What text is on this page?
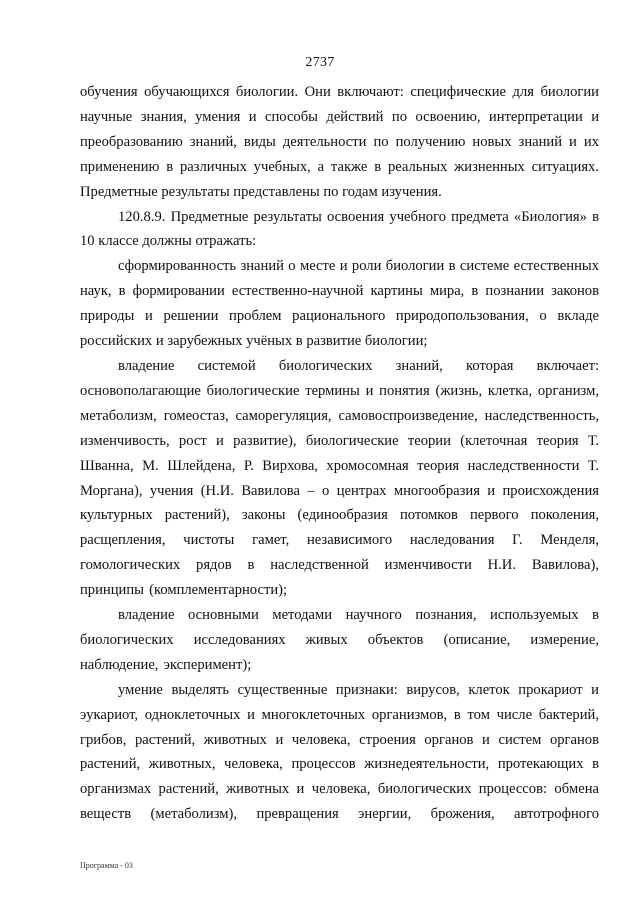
2737

обучения обучающихся биологии. Они включают: специфические для биологии научные знания, умения и способы действий по освоению, интерпретации и преобразованию знаний, виды деятельности по получению новых знаний и их применению в различных учебных, а также в реальных жизненных ситуациях. Предметные результаты представлены по годам изучения.

120.8.9. Предметные результаты освоения учебного предмета «Биология» в 10 классе должны отражать:

сформированность знаний о месте и роли биологии в системе естественных наук, в формировании естественно-научной картины мира, в познании законов природы и решении проблем рационального природопользования, о вкладе российских и зарубежных учёных в развитие биологии;

владение системой биологических знаний, которая включает: основополагающие биологические термины и понятия (жизнь, клетка, организм, метаболизм, гомеостаз, саморегуляция, самовоспроизведение, наследственность, изменчивость, рост и развитие), биологические теории (клеточная теория Т. Шванна, М. Шлейдена, Р. Вирхова, хромосомная теория наследственности Т. Моргана), учения (Н.И. Вавилова – о центрах многообразия и происхождения культурных растений), законы (единообразия потомков первого поколения, расщепления, чистоты гамет, независимого наследования Г. Менделя, гомологических рядов в наследственной изменчивости Н.И. Вавилова), принципы (комплементарности);

владение основными методами научного познания, используемых в биологических исследованиях живых объектов (описание, измерение, наблюдение, эксперимент);

умение выделять существенные признаки: вирусов, клеток прокариот и эукариот, одноклеточных и многоклеточных организмов, в том числе бактерий, грибов, растений, животных и человека, строения органов и систем органов растений, животных, человека, процессов жизнедеятельности, протекающих в организмах растений, животных и человека, биологических процессов: обмена веществ (метаболизм), превращения энергии, брожения, автотрофного

Программа - 03
